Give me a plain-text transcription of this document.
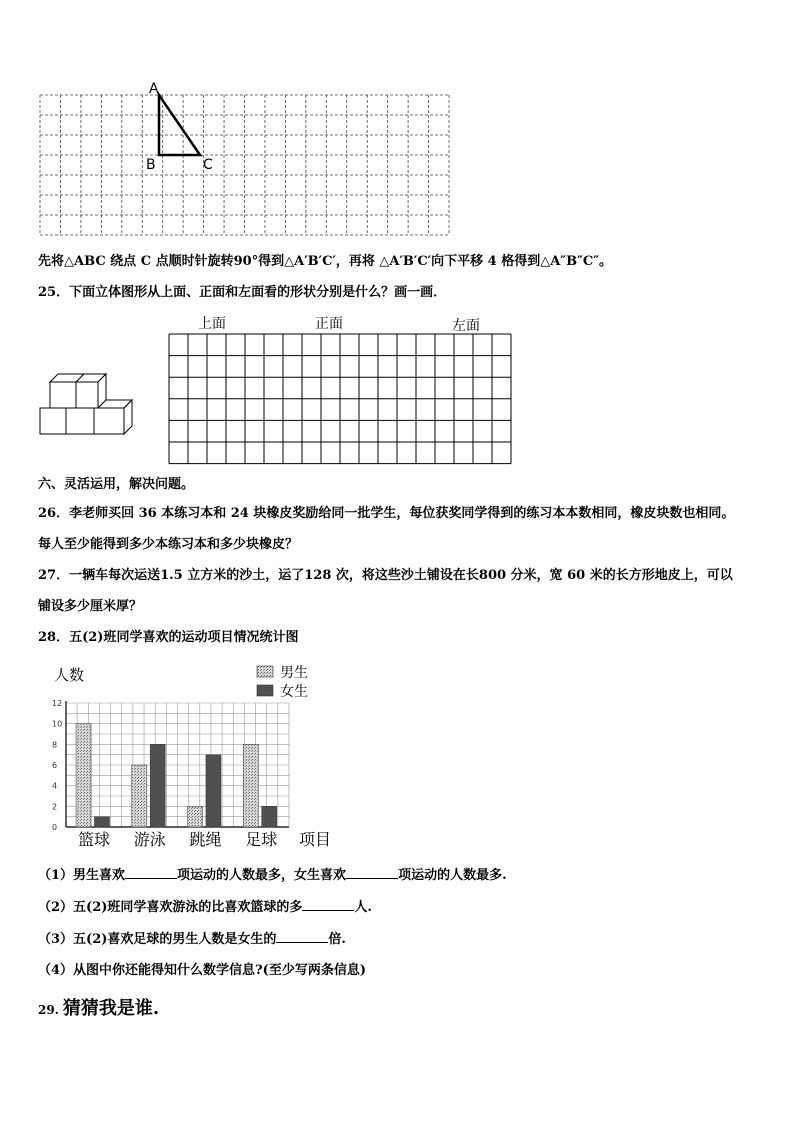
A
B	C
先将△ABC 绕点 C 点顺时针旋转90°得到△A′B′C′，再将 △A′B′C′向下平移 4 格得到△A″B″C″。
25．下面立体图形从上面、正面和左面看的形状分别是什么？画一画．
上面	正面	左面
六、灵活运用，解决问题。
26．李老师买回 36 本练习本和 24 块橡皮奖励给同一批学生，每位获奖同学得到的练习本本数相同，橡皮块数也相同。
每人至少能得到多少本练习本和多少块橡皮？
27．一辆车每次运送1.5 立方米的沙土，运了128 次，将这些沙土铺设在长800 分米，宽 60 米的长方形地皮上，可以
铺设多少厘米厚？
28．五(2)班同学喜欢的运动项目情况统计图
0
2
4
6
8
10
12
人数
篮球 游泳 跳绳 足球 项目
男生
女生
（1）男生喜欢	项运动的人数最多，女生喜欢	项运动的人数最多.
（2）五(2)班同学喜欢游泳的比喜欢篮球的多	人.
（3）五(2)喜欢足球的男生人数是女生的	倍.
（4）从图中你还能得知什么数学信息?(至少写两条信息)
29. 猜猜我是谁.
